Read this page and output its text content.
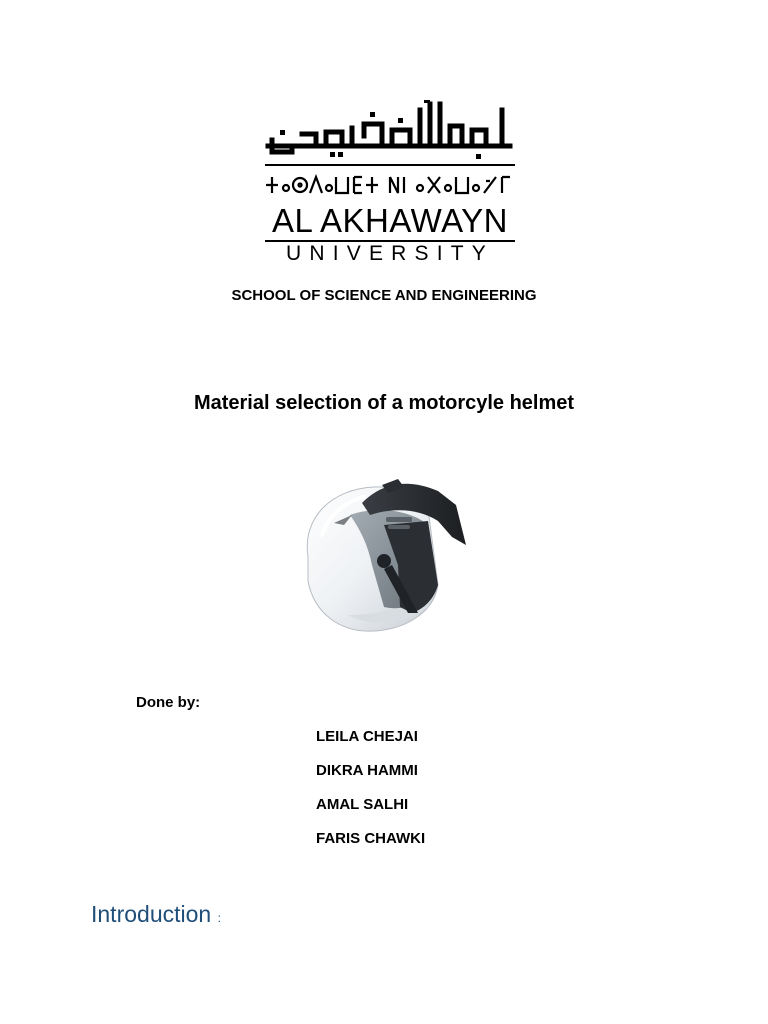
AL AKHAWAYN
UNIVERSITY
SCHOOL OF SCIENCE AND ENGINEERING
Material selection of a motorcyle helmet
Done by:
LEILA CHEJAI
DIKRA HAMMI
AMAL SALHI
FARIS CHAWKI
Introduction :
